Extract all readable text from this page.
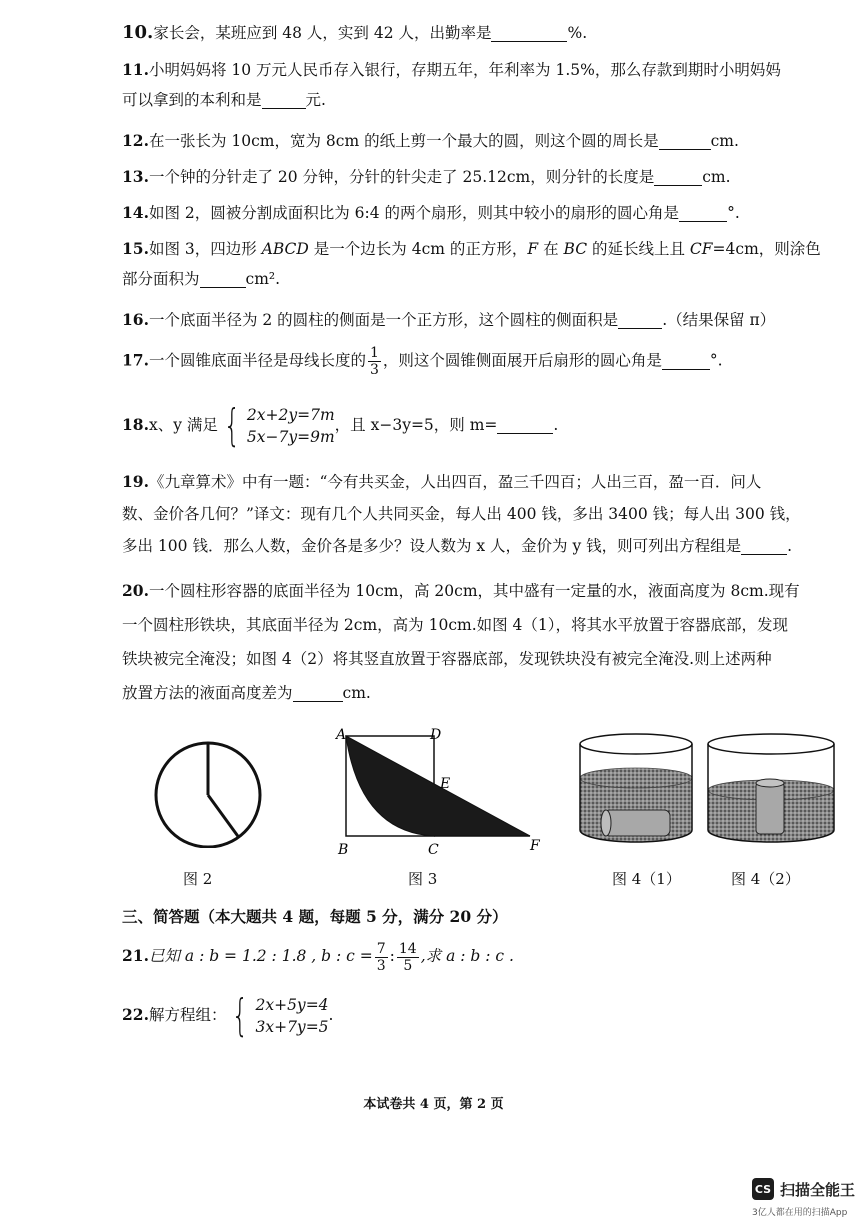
10.家长会，某班应到 48 人，实到 42 人，出勤率是	%.
11.小明妈妈将 10 万元人民币存入银行，存期五年，年利率为 1.5%，那么存款到期时小明妈妈
可以拿到的本利和是	元.
12.在一张长为 10cm，宽为 8cm 的纸上剪一个最大的圆，则这个圆的周长是	cm.
13.一个钟的分针走了 20 分钟，分针的针尖走了 25.12cm，则分针的长度是	cm.
14.如图 2，圆被分割成面积比为 6:4 的两个扇形，则其中较小的扇形的圆心角是	°.
15.如图 3，四边形 ABCD 是一个边长为 4cm 的正方形，F 在 BC 的延长线上且 CF=4cm，则涂色
部分面积为	cm².
16.一个底面半径为 2 的圆柱的侧面是一个正方形，这个圆柱的侧面积是	.（结果保留 π）
17.一个圆锥底面半径是母线长度的 $\frac{1}{3}$ ，则这个圆锥侧面展开后扇形的圆心角是	°.
18.x、y 满足 { 2x+2y=7m
5x−7y=9m
，且 x−3y=5，则 m=	.
19.《九章算术》中有一题：“今有共买金，人出四百，盈三千四百；人出三百，盈一百．问人
数、金价各几何？”译文：现有几个人共同买金，每人出 400 钱，多出 3400 钱；每人出 300 钱，
多出 100 钱．那么人数，金价各是多少？设人数为 x 人，金价为 y 钱，则可列出方程组是	.
20.一个圆柱形容器的底面半径为 10cm，高 20cm，其中盛有一定量的水，液面高度为 8cm.现有
一个圆柱形铁块，其底面半径为 2cm，高为 10cm.如图 4（1），将其水平放置于容器底部，发现
铁块被完全淹没；如图 4（2）将其竖直放置于容器底部，发现铁块没有被完全淹没.则上述两种
放置方法的液面高度差为	cm.
图 2
A	D
E
B	C	F
图 3	图 4（1）	图 4（2）
三、简答题（本大题共 4 题，每题 5 分，满分 20 分）
21.已知 a : b = 1.2 : 1.8 , b : $c = \frac{7}{3}$ : $\frac{14}{5}$ ,求 a : b : c .
22.解方程组： { 2x+5y=4
3x+7y=5
.
本试卷共 4 页，第 2 页
CS 扫描全能王
3亿人都在用的扫描App
